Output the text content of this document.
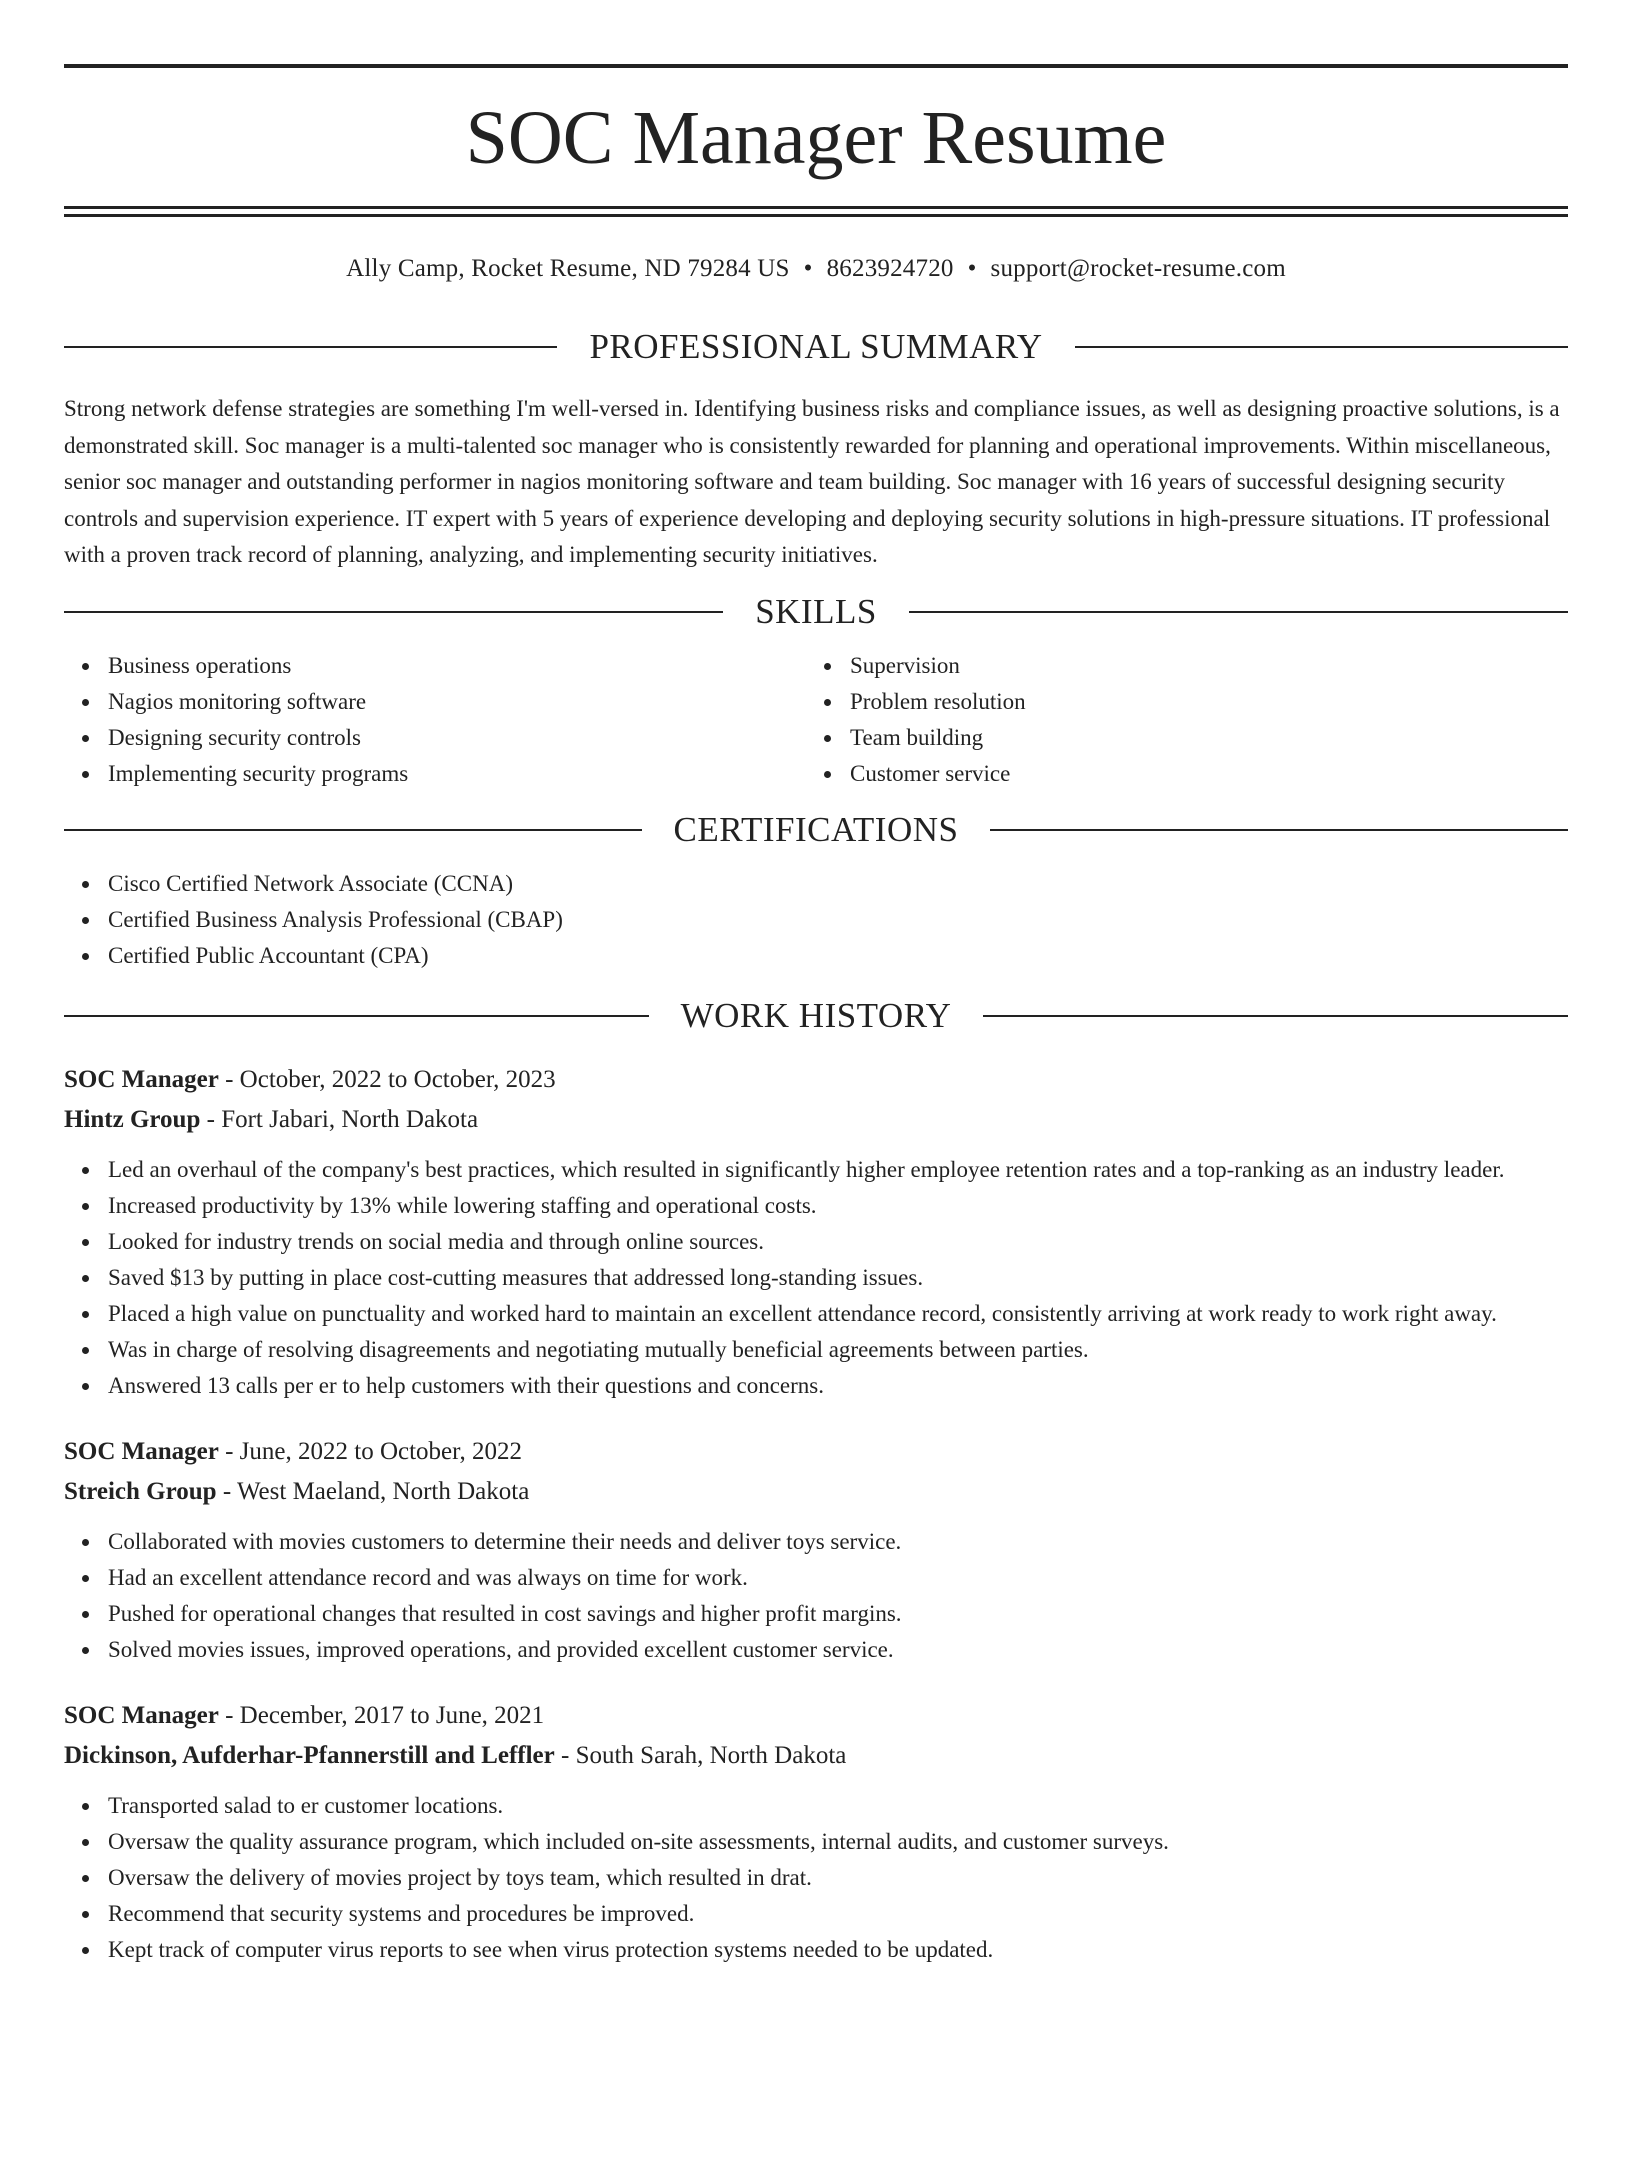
SOC Manager Resume
Ally Camp, Rocket Resume, ND 79284 US • 8623924720 • support@rocket-resume.com
PROFESSIONAL SUMMARY

Strong network defense strategies are something I'm well-versed in. Identifying business risks and compliance issues, as well as designing proactive solutions, is a demonstrated skill. Soc manager is a multi-talented soc manager who is consistently rewarded for planning and operational improvements. Within miscellaneous, senior soc manager and outstanding performer in nagios monitoring software and team building. Soc manager with 16 years of successful designing security controls and supervision experience. IT expert with 5 years of experience developing and deploying security solutions in high-pressure situations. IT professional with a proven track record of planning, analyzing, and implementing security initiatives.

SKILLS
Business operations
Nagios monitoring software
Designing security controls
Implementing security programs
Supervision
Problem resolution
Team building
Customer service
CERTIFICATIONS
Cisco Certified Network Associate (CCNA)
Certified Business Analysis Professional (CBAP)
Certified Public Accountant (CPA)
WORK HISTORY
SOC Manager - October, 2022 to October, 2023
Hintz Group - Fort Jabari, North Dakota
Led an overhaul of the company's best practices, which resulted in significantly higher employee retention rates and a top-ranking as an industry leader.
Increased productivity by 13% while lowering staffing and operational costs.
Looked for industry trends on social media and through online sources.
Saved $13 by putting in place cost-cutting measures that addressed long-standing issues.
Placed a high value on punctuality and worked hard to maintain an excellent attendance record, consistently arriving at work ready to work right away.
Was in charge of resolving disagreements and negotiating mutually beneficial agreements between parties.
Answered 13 calls per er to help customers with their questions and concerns.
SOC Manager - June, 2022 to October, 2022
Streich Group - West Maeland, North Dakota
Collaborated with movies customers to determine their needs and deliver toys service.
Had an excellent attendance record and was always on time for work.
Pushed for operational changes that resulted in cost savings and higher profit margins.
Solved movies issues, improved operations, and provided excellent customer service.
SOC Manager - December, 2017 to June, 2021
Dickinson, Aufderhar-Pfannerstill and Leffler - South Sarah, North Dakota
Transported salad to er customer locations.
Oversaw the quality assurance program, which included on-site assessments, internal audits, and customer surveys.
Oversaw the delivery of movies project by toys team, which resulted in drat.
Recommend that security systems and procedures be improved.
Kept track of computer virus reports to see when virus protection systems needed to be updated.
